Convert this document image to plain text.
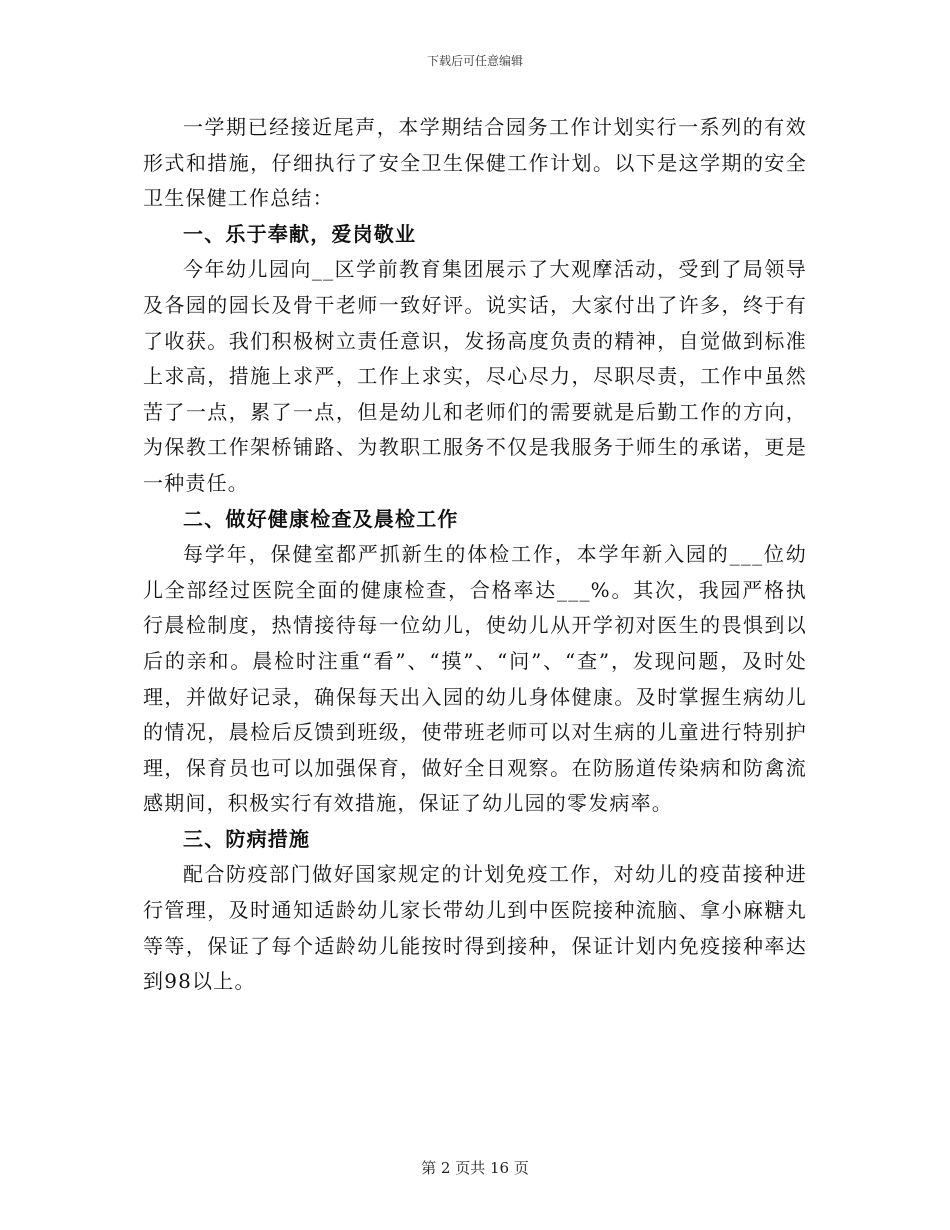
下载后可任意编辑

一学期已经接近尾声，本学期结合园务工作计划实行一系列的有效形式和措施，仔细执行了安全卫生保健工作计划。以下是这学期的安全卫生保健工作总结：

一、乐于奉献，爱岗敬业

今年幼儿园向__区学前教育集团展示了大观摩活动，受到了局领导及各园的园长及骨干老师一致好评。说实话，大家付出了许多，终于有了收获。我们积极树立责任意识，发扬高度负责的精神，自觉做到标准上求高，措施上求严，工作上求实，尽心尽力，尽职尽责，工作中虽然苦了一点，累了一点，但是幼儿和老师们的需要就是后勤工作的方向，为保教工作架桥铺路、为教职工服务不仅是我服务于师生的承诺，更是一种责任。

二、做好健康检查及晨检工作

每学年，保健室都严抓新生的体检工作，本学年新入园的___位幼儿全部经过医院全面的健康检查，合格率达___%。其次，我园严格执行晨检制度，热情接待每一位幼儿，使幼儿从开学初对医生的畏惧到以后的亲和。晨检时注重“看”、“摸”、“问”、“查”，发现问题，及时处理，并做好记录，确保每天出入园的幼儿身体健康。及时掌握生病幼儿的情况，晨检后反馈到班级，使带班老师可以对生病的儿童进行特别护理，保育员也可以加强保育，做好全日观察。在防肠道传染病和防禽流感期间，积极实行有效措施，保证了幼儿园的零发病率。

三、防病措施

配合防疫部门做好国家规定的计划免疫工作，对幼儿的疫苗接种进行管理，及时通知适龄幼儿家长带幼儿到中医院接种流脑、拿小麻糖丸等等，保证了每个适龄幼儿能按时得到接种，保证计划内免疫接种率达到98以上。

第 2 页共 16 页
